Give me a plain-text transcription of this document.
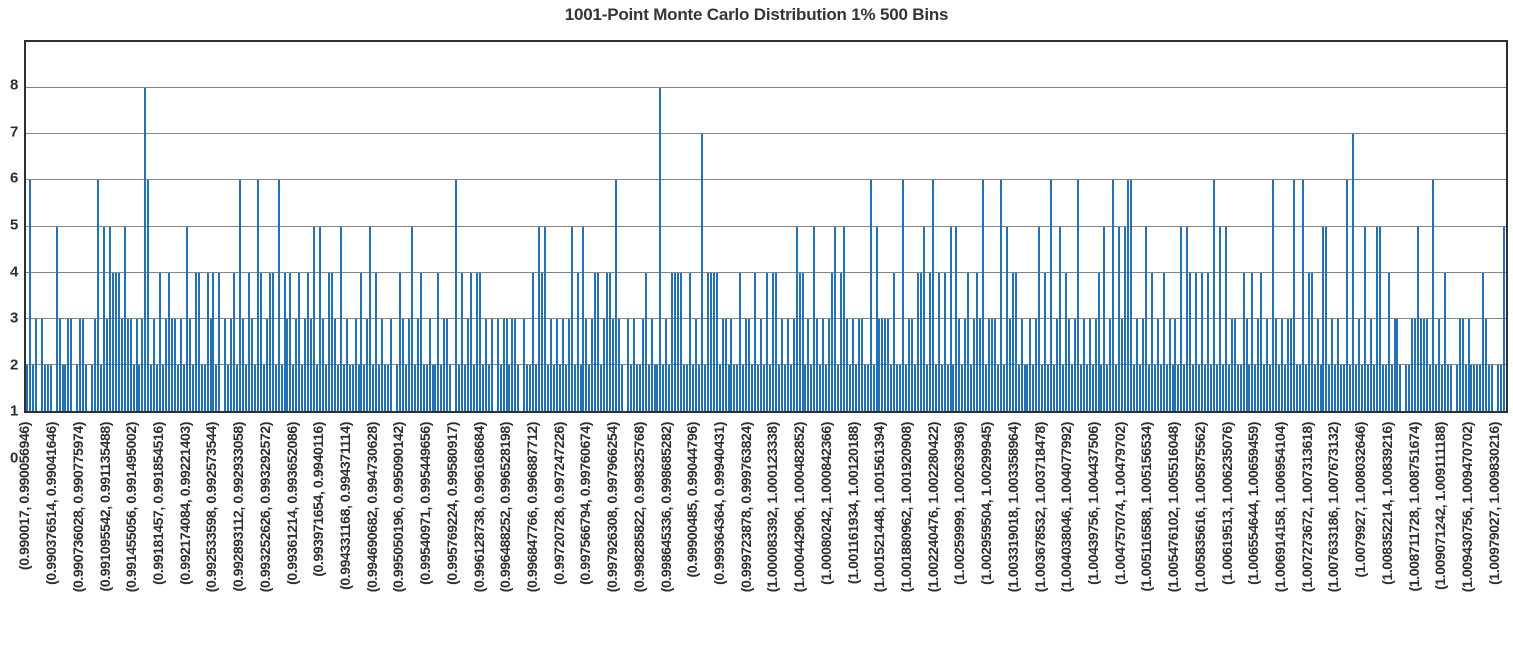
1001-Point Monte Carlo Distribution 1% 500 Bins
0
1
2
3
4
5
6
7
8
(0.990017, 0.990056946) (0.990376514, 0.99041646) (0.990736028, 0.990775974) (0.991095542, 0.991135488) (0.991455056, 0.991495002) (0.99181457, 0.991854516) (0.992174084, 0.99221403) (0.992533598, 0.992573544) (0.992893112, 0.992933058) (0.993252626, 0.993292572) (0.99361214, 0.993652086) (0.993971654, 0.9940116) (0.994331168, 0.994371114) (0.994690682, 0.994730628) (0.995050196, 0.995090142) (0.99540971, 0.995449656) (0.995769224, 0.99580917) (0.996128738, 0.996168684) (0.996488252, 0.996528198) (0.996847766, 0.996887712) (0.99720728, 0.997247226) (0.997566794, 0.99760674) (0.997926308, 0.997966254) (0.998285822, 0.998325768) (0.998645336, 0.998685282) (0.99900485, 0.99044796) (0.999364364, 0.99940431) (0.999723878, 0.999763824) (1.000083392, 1.000123338) (1.000442906, 1.000482852) (1.00080242, 1.000842366) (1.001161934, 1.00120188) (1.001521448, 1.001561394) (1.001880962, 1.001920908) (1.002240476, 1.002280422) (1.00259999, 1.002639936) (1.002959504, 1.00299945) (1.003319018, 1.003358964) (1.003678532, 1.003718478) (1.004038046, 1.004077992) (1.00439756, 1.004437506) (1.004757074, 1.00479702) (1.005116588, 1.005156534) (1.005476102, 1.005516048) (1.005835616, 1.005875562) (1.00619513, 1.006235076) (1.006554644, 1.00659459) (1.006914158, 1.006954104) (1.007273672, 1.007313618) (1.007633186, 1.007673132) (1.0079927, 1.008032646) (1.008352214, 1.00839216) (1.008711728, 1.008751674) (1.009071242, 1.009111188) (1.009430756, 1.009470702) (1.00979027, 1.009830216)
